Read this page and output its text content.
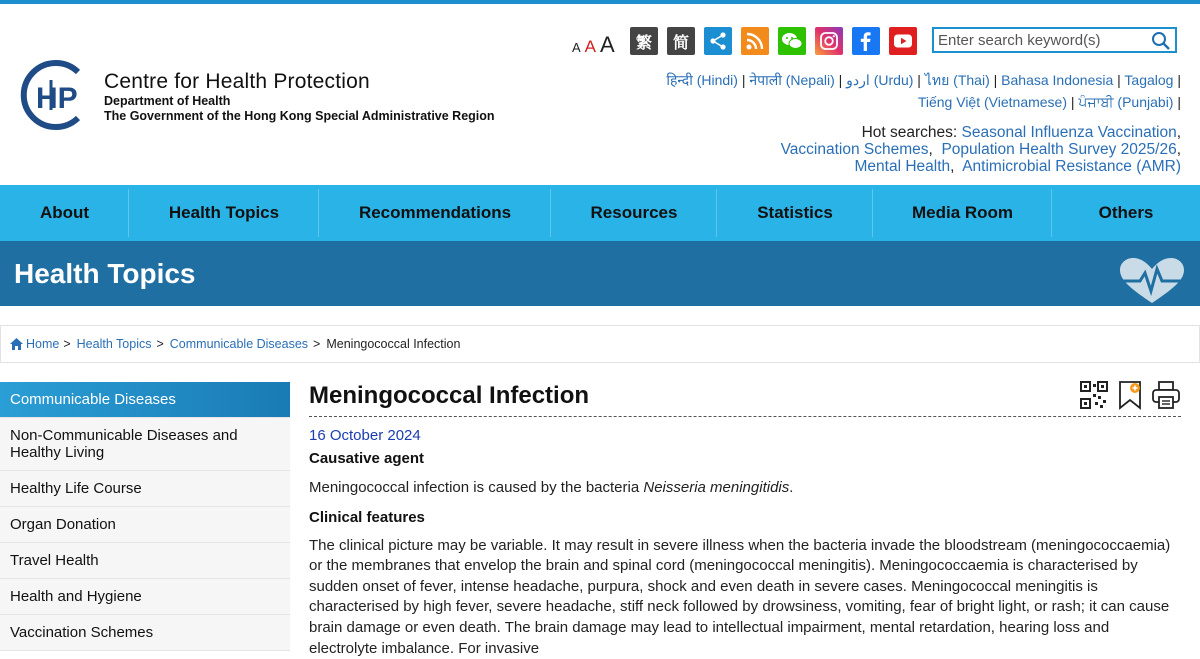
HP
Centre for Health Protection
Department of Health
The Government of the Hong Kong Special Administrative Region
A A A	繁	简
Enter search keyword(s)
हिन्दी (Hindi) | नेपाली (Nepali) | اردو (Urdu) | ไทย (Thai) | Bahasa Indonesia | Tagalog |
Tiếng Việt (Vietnamese) | ਪੰਜਾਬੀ (Punjabi) |
Hot searches: Seasonal Influenza Vaccination,
Vaccination Schemes,  Population Health Survey 2025/26,
Mental Health,  Antimicrobial Resistance (AMR)
About	Health Topics	Recommendations	Resources	Statistics	Media Room	Others
Health Topics
Home > Health Topics > Communicable Diseases > Meningococcal Infection
Communicable Diseases
Non-Communicable Diseases and Healthy Living
Healthy Life Course
Organ Donation
Travel Health
Health and Hygiene
Vaccination Schemes
Meningococcal Infection
16 October 2024
Causative agent

Meningococcal infection is caused by the bacteria Neisseria meningitidis.

Clinical features

The clinical picture may be variable. It may result in severe illness when the bacteria invade the bloodstream (meningococcaemia) or the membranes that envelop the brain and spinal cord (meningococcal meningitis). Meningococcaemia is characterised by sudden onset of fever, intense headache, purpura, shock and even death in severe cases. Meningococcal meningitis is characterised by high fever, severe headache, stiff neck followed by drowsiness, vomiting, fear of bright light, or rash; it can cause brain damage or even death. The brain damage may lead to intellectual impairment, mental retardation, hearing loss and electrolyte imbalance. For invasive
